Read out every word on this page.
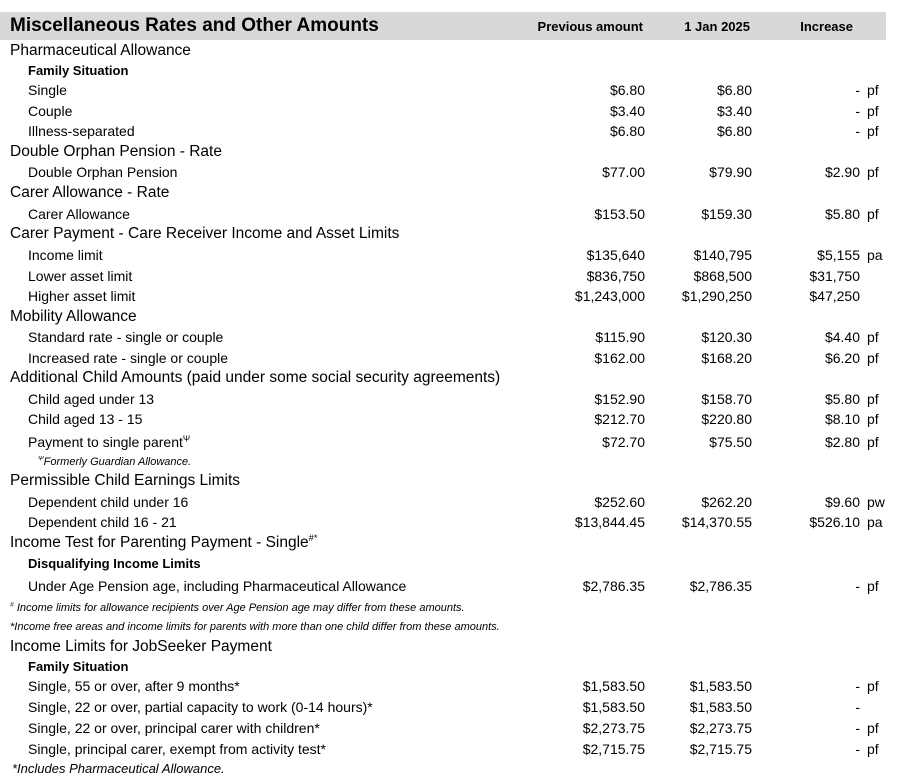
Miscellaneous Rates and Other Amounts	Previous amount	1 Jan 2025	Increase
Pharmaceutical Allowance
Family Situation
Single	$6.80	$6.80	- pf
Couple	$3.40	$3.40	- pf
Illness-separated	$6.80	$6.80	- pf
Double Orphan Pension - Rate
Double Orphan Pension	$77.00	$79.90	$2.90 pf
Carer Allowance - Rate
Carer Allowance	$153.50	$159.30	$5.80 pf
Carer Payment - Care Receiver Income and Asset Limits
Income limit	$135,640	$140,795	$5,155 pa
Lower asset limit	$836,750	$868,500	$31,750
Higher asset limit	$1,243,000	$1,290,250	$47,250
Mobility Allowance
Standard rate - single or couple	$115.90	$120.30	$4.40 pf
Increased rate - single or couple	$162.00	$168.20	$6.20 pf
Additional Child Amounts (paid under some social security agreements)
Child aged under 13	$152.90	$158.70	$5.80 pf
Child aged 13 - 15	$212.70	$220.80	$8.10 pf
Payment to single parent$^\Psi$	$72.70	$75.50	$2.80 pf
$^\Psi$Formerly Guardian Allowance.
Permissible Child Earnings Limits
Dependent child under 16	$252.60	$262.20	$9.60 pw
Dependent child 16 - 21	$13,844.45	$14,370.55	$526.10 pa
Income Test for Parenting Payment - Single#*
Disqualifying Income Limits
Under Age Pension age, including Pharmaceutical Allowance	$2,786.35	$2,786.35	- pf
# Income limits for allowance recipients over Age Pension age may differ from these amounts.
*Income free areas and income limits for parents with more than one child differ from these amounts.
Income Limits for JobSeeker Payment
Family Situation
Single, 55 or over, after 9 months*	$1,583.50	$1,583.50	- pf
Single, 22 or over, partial capacity to work (0-14 hours)*	$1,583.50	$1,583.50	-
Single, 22 or over, principal carer with children*	$2,273.75	$2,273.75	- pf
Single, principal carer, exempt from activity test*	$2,715.75	$2,715.75	- pf
*Includes Pharmaceutical Allowance.
